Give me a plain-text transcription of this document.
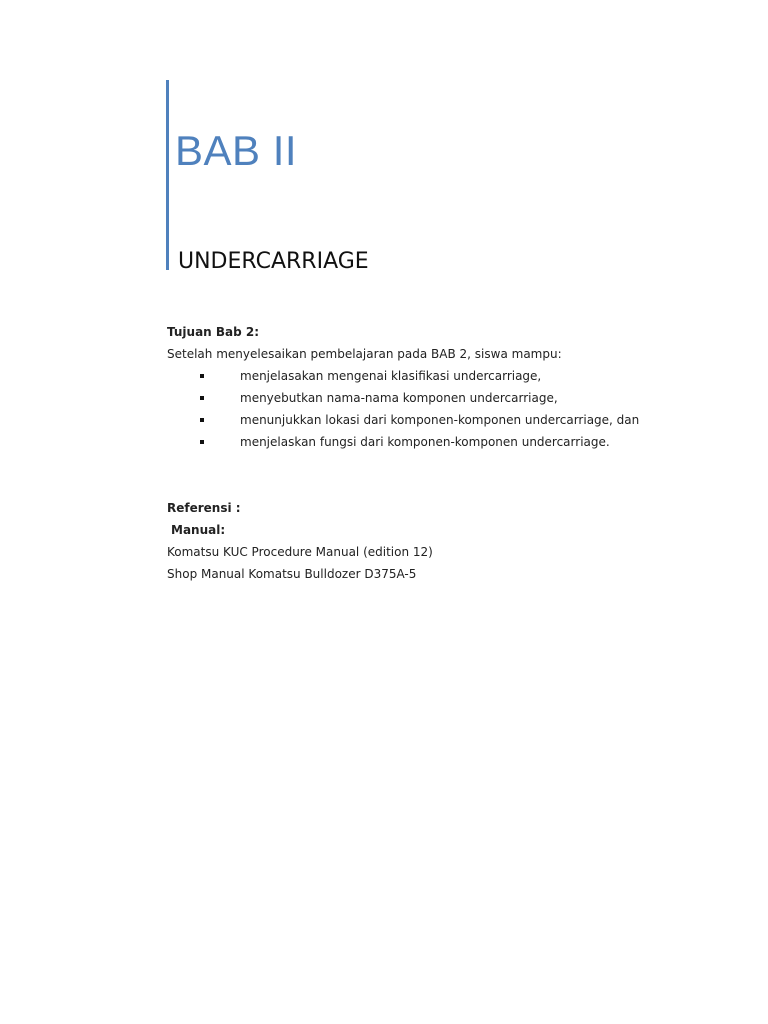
BAB II
UNDERCARRIAGE

Tujuan Bab 2:

Setelah menyelesaikan pembelajaran pada BAB 2, siswa mampu:

menjelasakan mengenai klasifikasi undercarriage,
menyebutkan nama-nama komponen undercarriage,
menunjukkan lokasi dari komponen-komponen undercarriage, dan
menjelaskan fungsi dari komponen-komponen undercarriage.

Referensi :

Manual:

Komatsu KUC Procedure Manual (edition 12)

Shop Manual Komatsu Bulldozer D375A-5
